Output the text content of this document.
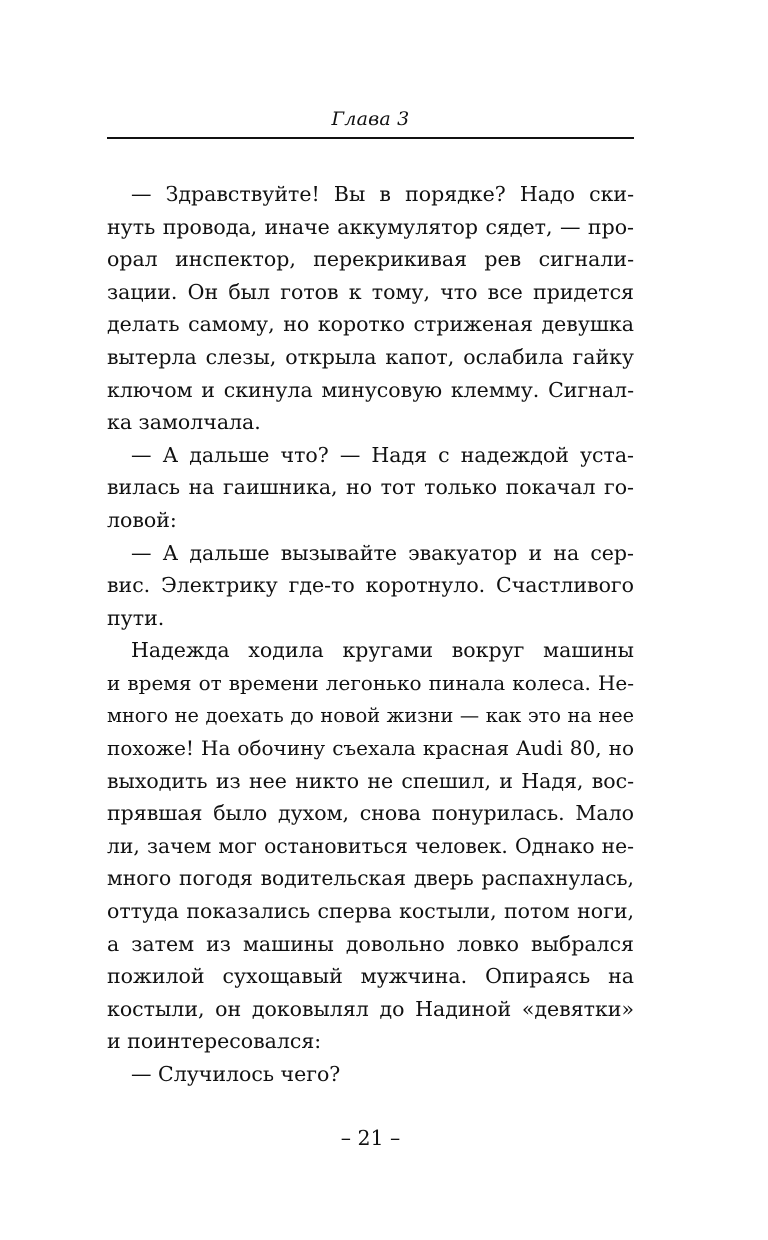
Глава 3
— Здравствуйте! Вы в порядке? Надо ски-
нуть провода, иначе аккумулятор сядет, — про-
орал инспектор, перекрикивая рев сигнали-
зации. Он был готов к тому, что все придется
делать самому, но коротко стриженая девушка
вытерла слезы, открыла капот, ослабила гайку
ключом и скинула минусовую клемму. Сигнал-
ка замолчала.
— А дальше что? — Надя с надеждой уста-
вилась на гаишника, но тот только покачал го-
ловой:
— А дальше вызывайте эвакуатор и на сер-
вис. Электрику где-то коротнуло. Счастливого
пути.
Надежда ходила кругами вокруг машины
и время от времени легонько пинала колеса. Не-
много не доехать до новой жизни — как это на нее
похоже! На обочину съехала красная Audi 80, но
выходить из нее никто не спешил, и Надя, вос-
прявшая было духом, снова понурилась. Мало
ли, зачем мог остановиться человек. Однако не-
много погодя водительская дверь распахнулась,
оттуда показались сперва костыли, потом ноги,
а затем из машины довольно ловко выбрался
пожилой сухощавый мужчина. Опираясь на
костыли, он доковылял до Надиной «девятки»
и поинтересовался:
— Случилось чего?
– 21 –
